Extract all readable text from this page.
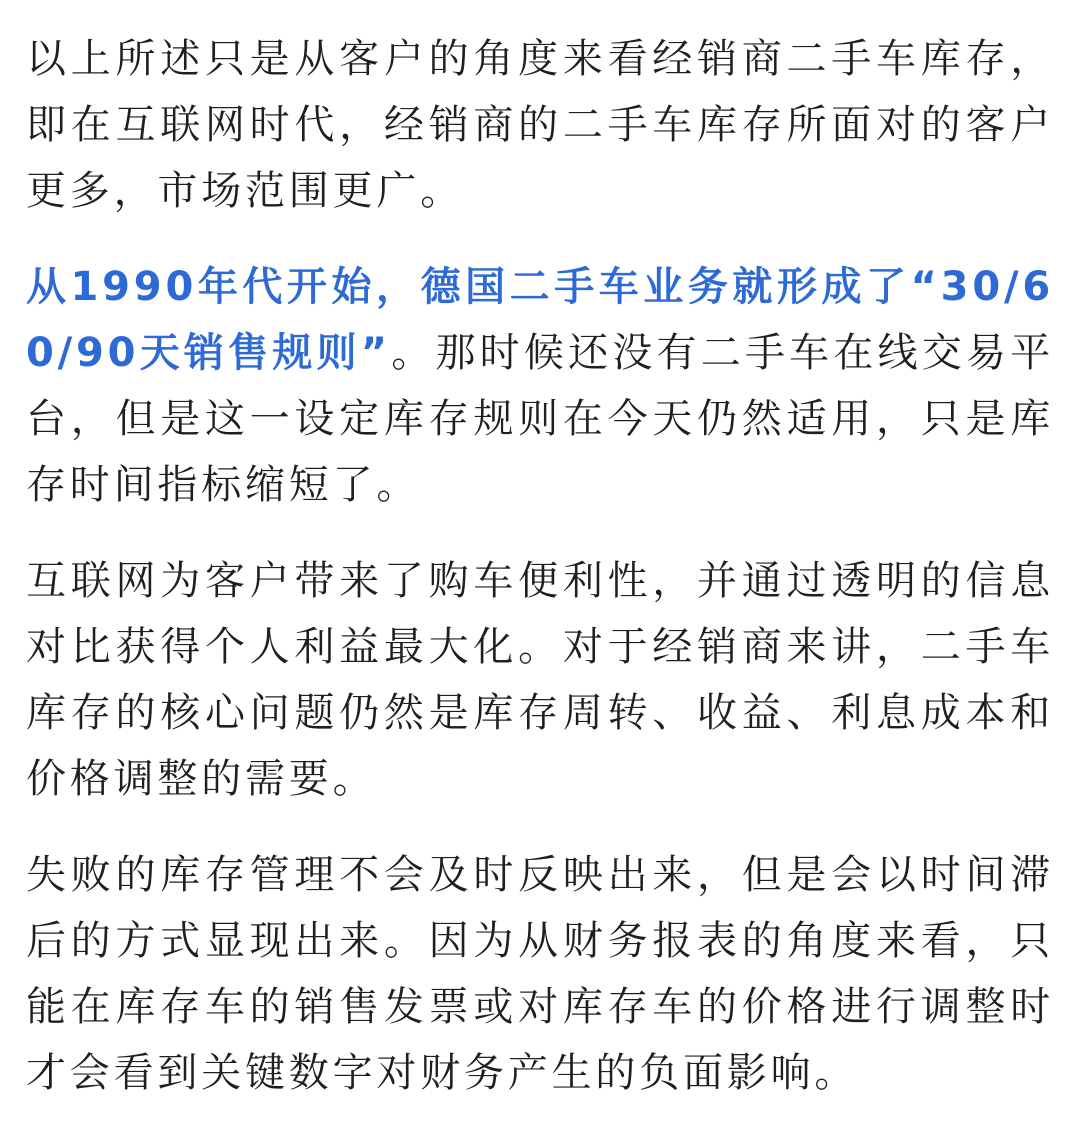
以上所述只是从客户的角度来看经销商二手车库存，即在互联网时代，经销商的二手车库存所面对的客户更多，市场范围更广。

从1990年代开始，德国二手车业务就形成了“30/60/90天销售规则”。那时候还没有二手车在线交易平台，但是这一设定库存规则在今天仍然适用，只是库存时间指标缩短了。

互联网为客户带来了购车便利性，并通过透明的信息对比获得个人利益最大化。对于经销商来讲，二手车库存的核心问题仍然是库存周转、收益、利息成本和价格调整的需要。

失败的库存管理不会及时反映出来，但是会以时间滞后的方式显现出来。因为从财务报表的角度来看，只能在库存车的销售发票或对库存车的价格进行调整时才会看到关键数字对财务产生的负面影响。
